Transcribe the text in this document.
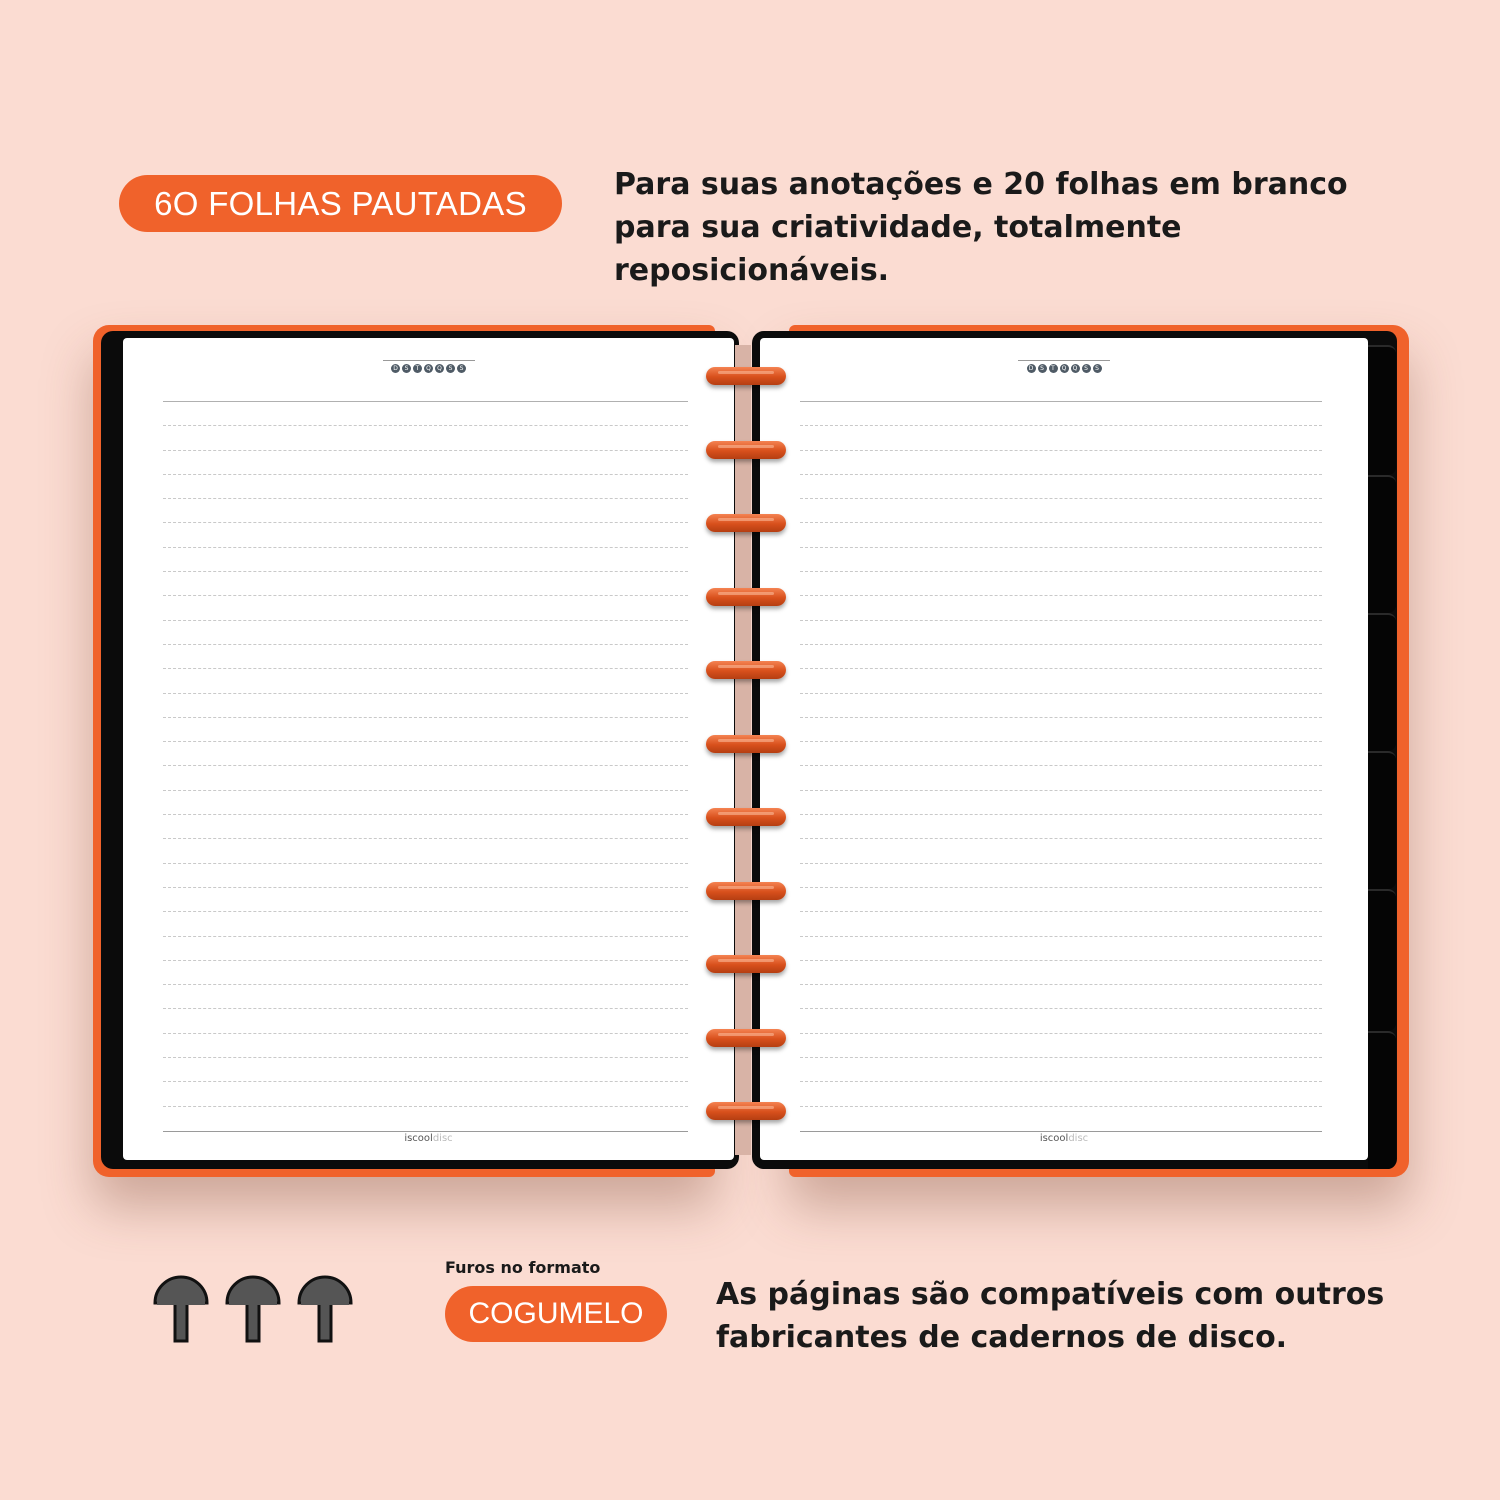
6O FOLHAS PAUTADAS	Para suas anotações e 20 folhas em branco para sua criatividade, totalmente reposicionáveis.
D S T Q Q S S
iscooldisc
D S T Q Q S S
iscooldisc
Furos no formato
COGUMELO
As páginas são compatíveis com outros fabricantes de cadernos de disco.
